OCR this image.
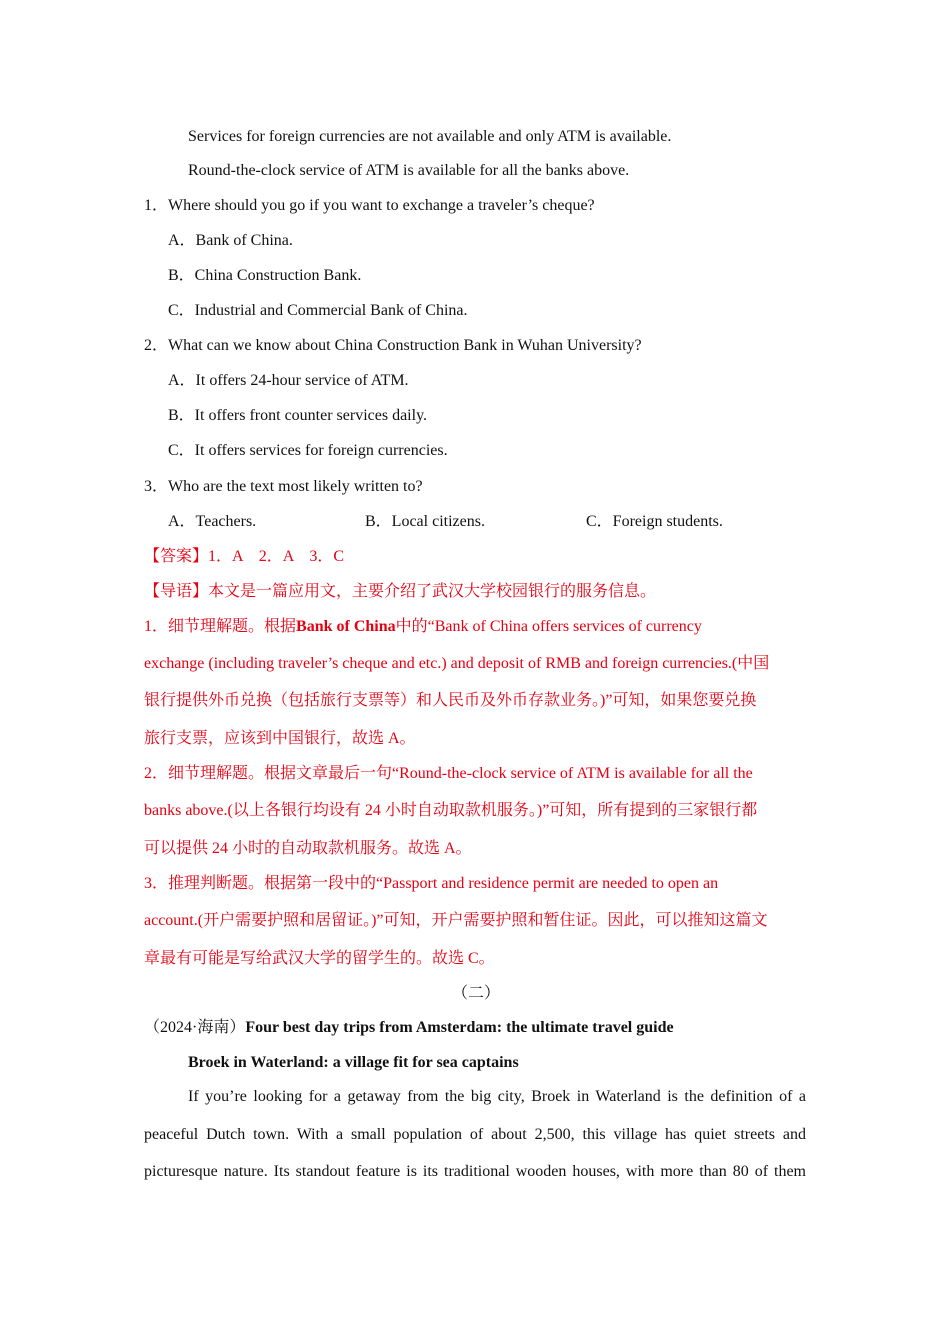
Services for foreign currencies are not available and only ATM is available.
Round-the-clock service of ATM is available for all the banks above.
1．Where should you go if you want to exchange a traveler’s cheque?
A．Bank of China.
B．China Construction Bank.
C．Industrial and Commercial Bank of China.
2．What can we know about China Construction Bank in Wuhan University?
A．It offers 24-hour service of ATM.
B．It offers front counter services daily.
C．It offers services for foreign currencies.
3．Who are the text most likely written to?
A．Teachers.	B．Local citizens.	C．Foreign students.
【答案】1．A　2．A　3．C
【导语】本文是一篇应用文，主要介绍了武汉大学校园银行的服务信息。
1．细节理解题。根据Bank of China中的“Bank of China offers services of currency
exchange (including traveler’s cheque and etc.) and deposit of RMB and foreign currencies.(中国
银行提供外币兑换（包括旅行支票等）和人民币及外币存款业务。)”可知，如果您要兑换
旅行支票，应该到中国银行，故选 A。
2．细节理解题。根据文章最后一句“Round-the-clock service of ATM is available for all the
banks above.(以上各银行均设有 24 小时自动取款机服务。)”可知，所有提到的三家银行都
可以提供 24 小时的自动取款机服务。故选 A。
3．推理判断题。根据第一段中的“Passport and residence permit are needed to open an
account.(开户需要护照和居留证。)”可知，开户需要护照和暂住证。因此，可以推知这篇文
章最有可能是写给武汉大学的留学生的。故选 C。
（二）
（2024·海南）Four best day trips from Amsterdam: the ultimate travel guide
Broek in Waterland: a village fit for sea captains
If you’re looking for a getaway from the big city, Broek in Waterland is the definition of a
peaceful Dutch town. With a small population of about 2,500, this village has quiet streets and
picturesque nature. Its standout feature is its traditional wooden houses, with more than 80 of them
